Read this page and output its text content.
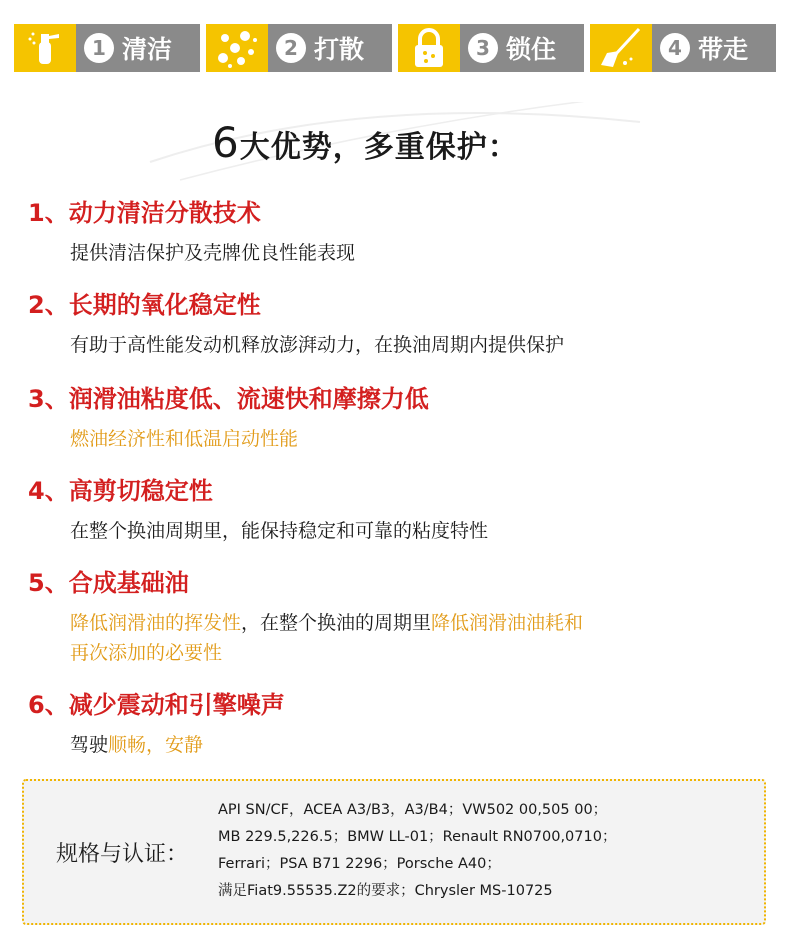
1 清洁	2 打散	3 锁住	4 带走
6大优势，多重保护：
1、动力清洁分散技术
提供清洁保护及壳牌优良性能表现
2、长期的氧化稳定性
有助于高性能发动机释放澎湃动力，在换油周期内提供保护
3、润滑油粘度低、流速快和摩擦力低
燃油经济性和低温启动性能
4、高剪切稳定性
在整个换油周期里，能保持稳定和可靠的粘度特性
5、合成基础油
降低润滑油的挥发性，在整个换油的周期里降低润滑油油耗和
再次添加的必要性
6、减少震动和引擎噪声
驾驶顺畅，安静
规格与认证：
API SN/CF，ACEA A3/B3，A3/B4；VW502 00,505 00；
MB 229.5,226.5；BMW LL-01；Renault RN0700,0710；
Ferrari；PSA B71 2296；Porsche A40；
满足Fiat9.55535.Z2的要求；Chrysler MS-10725
